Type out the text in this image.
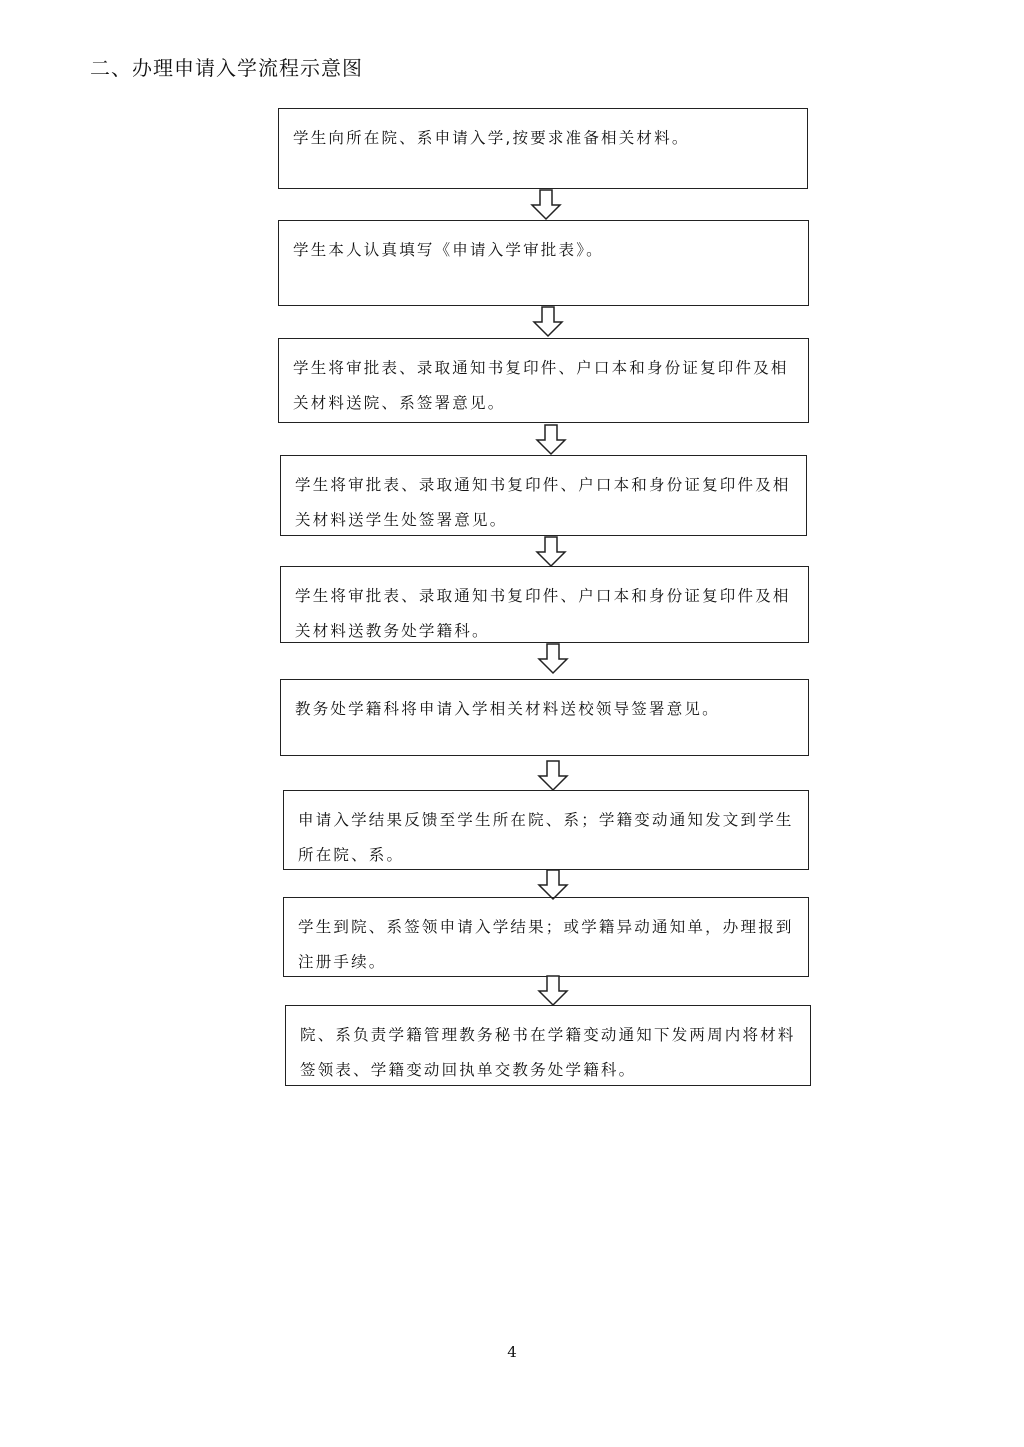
二、办理申请入学流程示意图
学生向所在院、系申请入学,按要求准备相关材料。
学生本人认真填写《申请入学审批表》。
学生将审批表、录取通知书复印件、户口本和身份证复印件及相关材料送院、系签署意见。
学生将审批表、录取通知书复印件、户口本和身份证复印件及相关材料送学生处签署意见。
学生将审批表、录取通知书复印件、户口本和身份证复印件及相关材料送教务处学籍科。
教务处学籍科将申请入学相关材料送校领导签署意见。
申请入学结果反馈至学生所在院、系；学籍变动通知发文到学生所在院、系。
学生到院、系签领申请入学结果；或学籍异动通知单，办理报到注册手续。
院、系负责学籍管理教务秘书在学籍变动通知下发两周内将材料签领表、学籍变动回执单交教务处学籍科。
4
